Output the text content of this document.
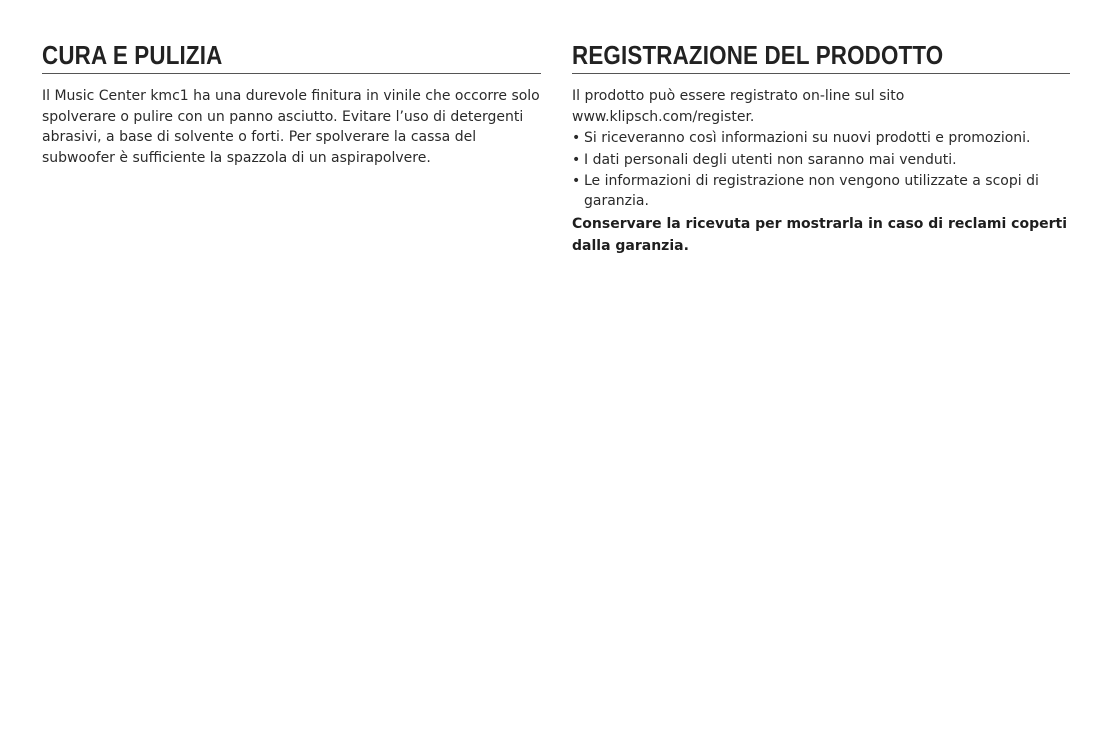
CURA E PULIZIA

Il Music Center kmc1 ha una durevole finitura in vinile che occorre solo spolverare o pulire con un panno asciutto. Evitare l’uso di detergenti abrasivi, a base di solvente o forti. Per spolverare la cassa del subwoofer è sufficiente la spazzola di un aspirapolvere.

REGISTRAZIONE DEL PRODOTTO

Il prodotto può essere registrato on-line sul sito www.klipsch.com/register.

• Si riceveranno così informazioni su nuovi prodotti e promozioni.
• I dati personali degli utenti non saranno mai venduti.
• Le informazioni di registrazione non vengono utilizzate a scopi di garanzia.

Conservare la ricevuta per mostrarla in caso di reclami coperti dalla garanzia.
